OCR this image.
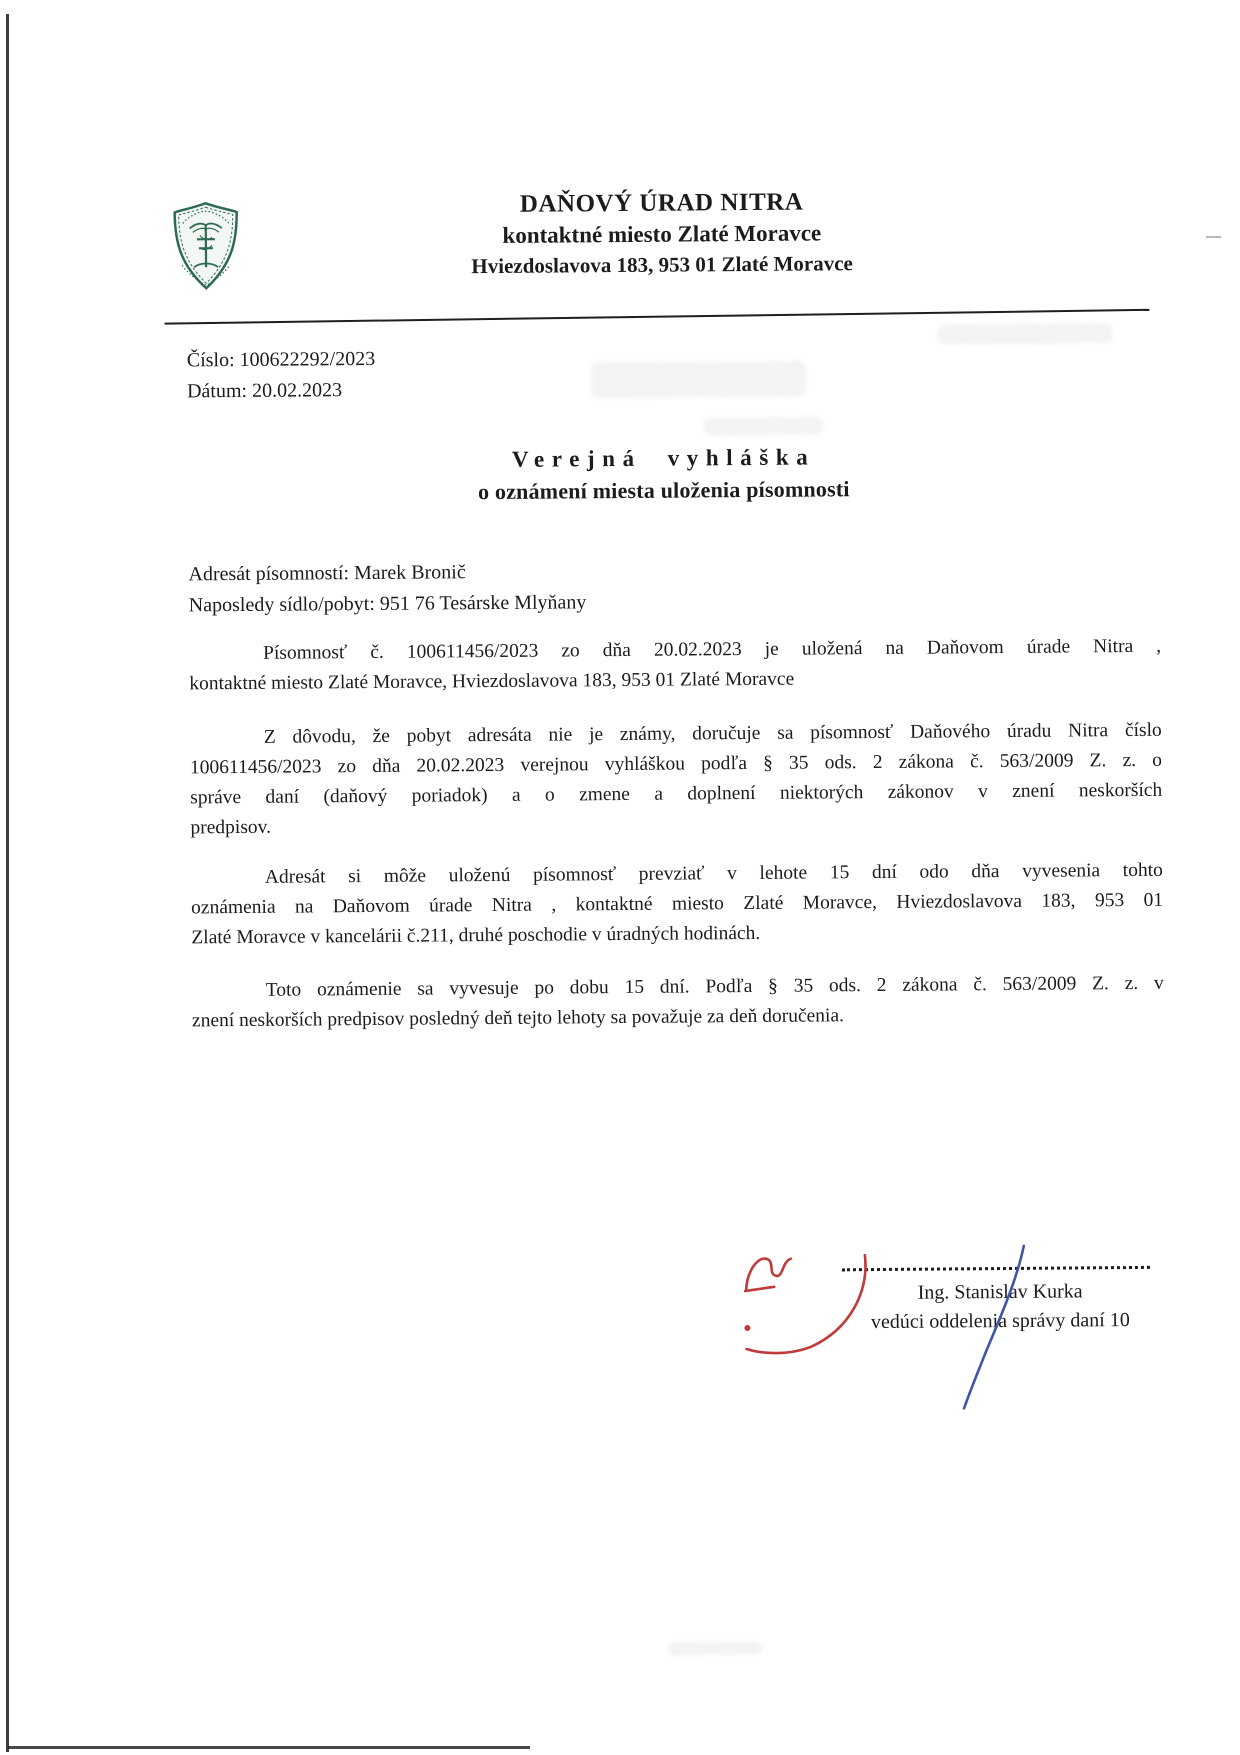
DAŇOVÝ ÚRAD NITRA
kontaktné miesto Zlaté Moravce
Hviezdoslavova 183, 953 01 Zlaté Moravce
Číslo: 100622292/2023
Dátum: 20.02.2023
Verejná vyhláška
o oznámení miesta uloženia písomnosti
Adresát písomností: Marek Bronič
Naposledy sídlo/pobyt: 951 76 Tesárske Mlyňany
Písomnosť č. 100611456/2023 zo dňa 20.02.2023 je uložená na Daňovom úrade Nitra ,
kontaktné miesto Zlaté Moravce, Hviezdoslavova 183, 953 01 Zlaté Moravce
Z dôvodu, že pobyt adresáta nie je známy, doručuje sa písomnosť Daňového úradu Nitra číslo
100611456/2023 zo dňa 20.02.2023 verejnou vyhláškou podľa § 35 ods. 2 zákona č. 563/2009 Z. z. o
správe daní (daňový poriadok) a o zmene a doplnení niektorých zákonov v znení neskorších
predpisov.
Adresát si môže uloženú písomnosť prevziať v lehote 15 dní odo dňa vyvesenia tohto
oznámenia na Daňovom úrade Nitra , kontaktné miesto Zlaté Moravce, Hviezdoslavova 183, 953 01
Zlaté Moravce v kancelárii č.211, druhé poschodie v úradných hodinách.
Toto oznámenie sa vyvesuje po dobu 15 dní. Podľa § 35 ods. 2 zákona č. 563/2009 Z. z. v
znení neskorších predpisov posledný deň tejto lehoty sa považuje za deň doručenia.
Ing. Stanislav Kurka
vedúci oddelenia správy daní 10
